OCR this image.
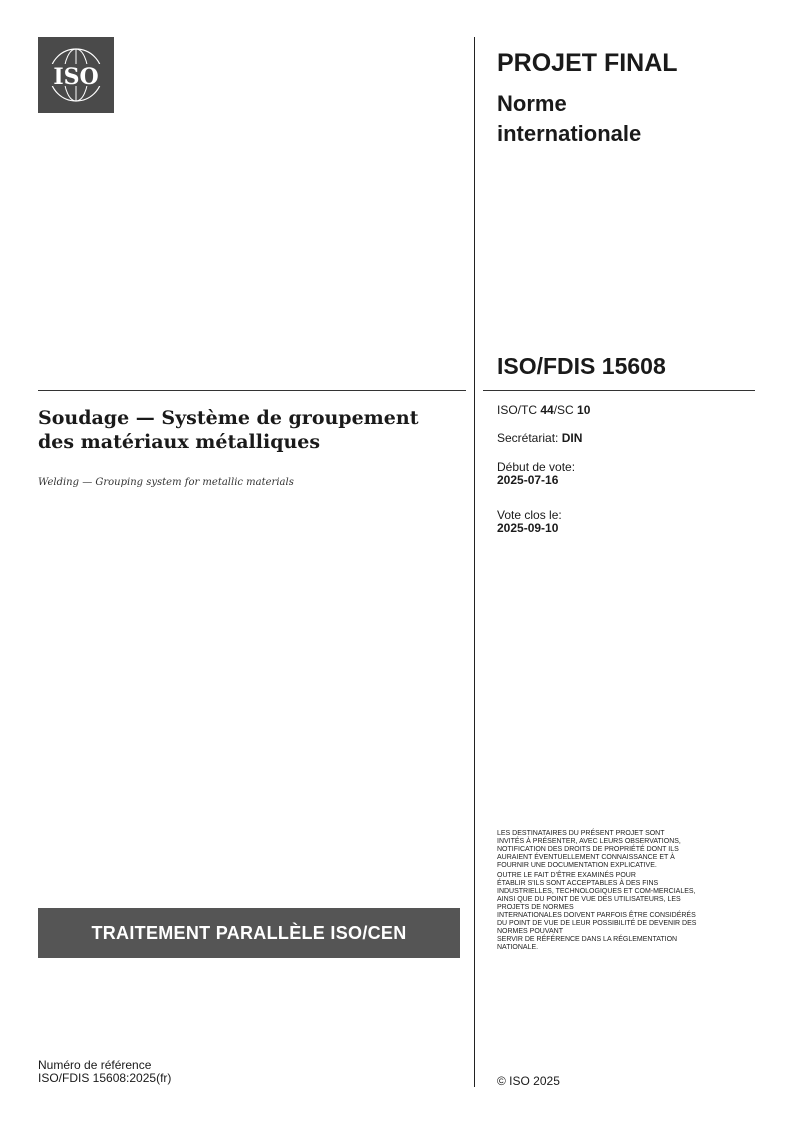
ISO	PROJET FINAL
Norme
internationale
ISO/FDIS 15608
Soudage — Système de groupement
des matériaux métalliques
Welding — Grouping system for metallic materials
ISO/TC 44/SC 10
Secrétariat: DIN
Début de vote:
2025-07-16
Vote clos le:
2025-09-10

LES DESTINATAIRES DU PRÉSENT PROJET SONT
INVITÉS À PRÉSENTER, AVEC LEURS OBSERVATIONS,
NOTIFICATION DES DROITS DE PROPRIÉTÉ DONT ILS
AURAIENT ÉVENTUELLEMENT CONNAISSANCE ET À
FOURNIR UNE DOCUMENTATION EXPLICATIVE.

OUTRE LE FAIT D'ÊTRE EXAMINÉS POUR
ÉTABLIR S'ILS SONT ACCEPTABLES À DES FINS
INDUSTRIELLES, TECHNOLOGIQUES ET COM-MERCIALES,
AINSI QUE DU POINT DE VUE DES UTILISATEURS, LES
PROJETS DE NORMES
INTERNATIONALES DOIVENT PARFOIS ÊTRE CONSIDÉRÉS
DU POINT DE VUE DE LEUR POSSIBILITÉ DE DEVENIR DES
NORMES POUVANT
SERVIR DE RÉFÉRENCE DANS LA RÉGLEMENTATION
NATIONALE.

TRAITEMENT PARALLÈLE ISO/CEN
Numéro de référence
ISO/FDIS 15608:2025(fr)	© ISO 2025
